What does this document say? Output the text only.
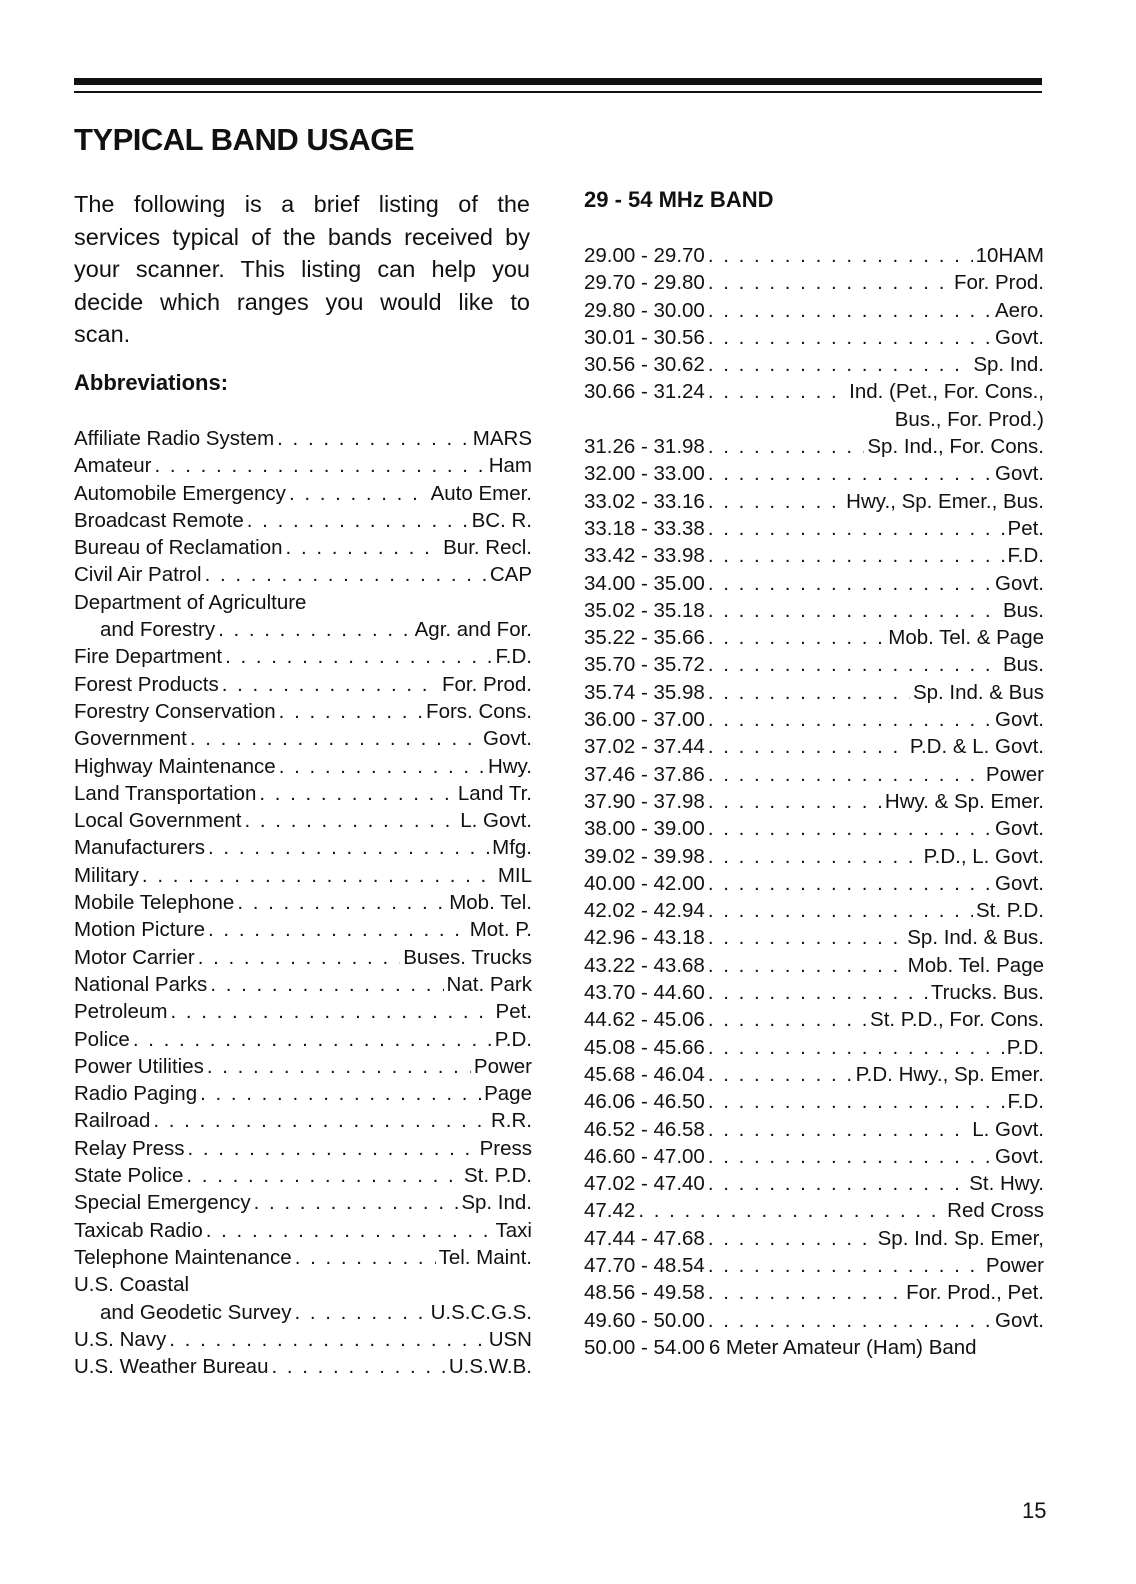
TYPICAL BAND USAGE

The following is a brief listing of the services typical of the bands received by your scanner. This listing can help you decide which ranges you would like to scan.

Abbreviations:
Affiliate Radio System . . .	MARS
Amateur . . .	Ham
Automobile Emergency . . .	Auto Emer.
Broadcast Remote . . .	BC. R.
Bureau of Reclamation . . .	Bur. Recl.
Civil Air Patrol . . .	CAP
Department of Agriculture
and Forestry . . .	Agr. and For.
Fire Department . . .	F.D.
Forest Products . . .	For. Prod.
Forestry Conservation . . .	Fors. Cons.
Government . . .	Govt.
Highway Maintenance . . .	Hwy.
Land Transportation . . .	Land Tr.
Local Government . . .	L. Govt.
Manufacturers . . .	Mfg.
Military . . .	MIL
Mobile Telephone . . .	Mob. Tel.
Motion Picture . . .	Mot. P.
Motor Carrier . . .	Buses. Trucks
National Parks . . .	Nat. Park
Petroleum . . .	Pet.
Police . . .	P.D.
Power Utilities . . .	Power
Radio Paging . . .	Page
Railroad . . .	R.R.
Relay Press . . .	Press
State Police . . .	St. P.D.
Special Emergency . . .	Sp. Ind.
Taxicab Radio . . .	Taxi
Telephone Maintenance . . .	Tel. Maint.
U.S. Coastal
and Geodetic Survey . . .	U.S.C.G.S.
U.S. Navy . . .	USN
U.S. Weather Bureau . . .	U.S.W.B.
29 - 54 MHz BAND
29.00 - 29.70 . . .	10HAM
29.70 - 29.80 . . .	For. Prod.
29.80 - 30.00 . . .	Aero.
30.01 - 30.56 . . .	Govt.
30.56 - 30.62 . . .	Sp. Ind.
30.66 - 31.24 . . .	Ind. (Pet., For. Cons.,
Bus., For. Prod.)
31.26 - 31.98 . . .	Sp. Ind., For. Cons.
32.00 - 33.00 . . .	Govt.
33.02 - 33.16 . . .	Hwy., Sp. Emer., Bus.
33.18 - 33.38 . . .	Pet.
33.42 - 33.98 . . .	F.D.
34.00 - 35.00 . . .	Govt.
35.02 - 35.18 . . .	Bus.
35.22 - 35.66 . . .	Mob. Tel. & Page
35.70 - 35.72 . . .	Bus.
35.74 - 35.98 . . .	Sp. Ind. & Bus
36.00 - 37.00 . . .	Govt.
37.02 - 37.44 . . .	P.D. & L. Govt.
37.46 - 37.86 . . .	Power
37.90 - 37.98 . . .	Hwy. & Sp. Emer.
38.00 - 39.00 . . .	Govt.
39.02 - 39.98 . . .	P.D., L. Govt.
40.00 - 42.00 . . .	Govt.
42.02 - 42.94 . . .	St. P.D.
42.96 - 43.18 . . .	Sp. Ind. & Bus.
43.22 - 43.68 . . .	Mob. Tel. Page
43.70 - 44.60 . . .	Trucks. Bus.
44.62 - 45.06 . . .	St. P.D., For. Cons.
45.08 - 45.66 . . .	P.D.
45.68 - 46.04 . . .	P.D. Hwy., Sp. Emer.
46.06 - 46.50 . . .	F.D.
46.52 - 46.58 . . .	L. Govt.
46.60 - 47.00 . . .	Govt.
47.02 - 47.40 . . .	St. Hwy.
47.42 . . .	Red Cross
47.44 - 47.68 . . .	Sp. Ind. Sp. Emer,
47.70 - 48.54 . . .	Power
48.56 - 49.58 . . .	For. Prod., Pet.
49.60 - 50.00 . . .	Govt.
50.00 - 54.00 6 Meter Amateur (Ham) Band
15
